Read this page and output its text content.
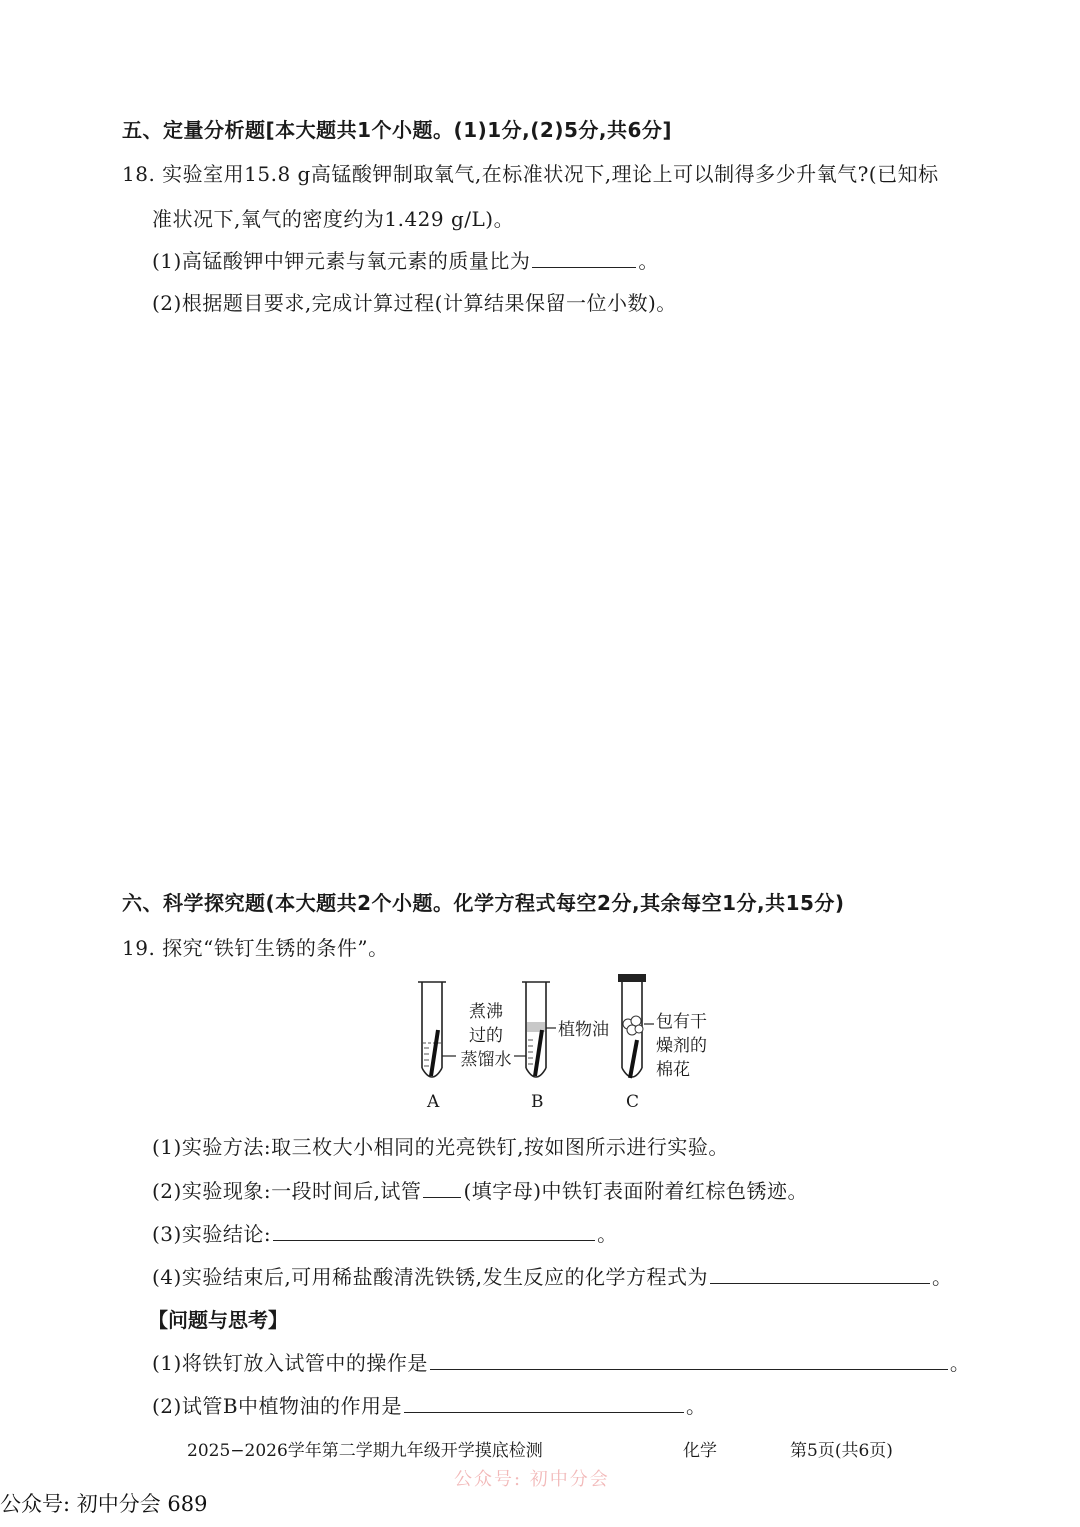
五、定量分析题[本大题共1个小题。(1)1分,(2)5分,共6分]
18. 实验室用15.8 g高锰酸钾制取氧气,在标准状况下,理论上可以制得多少升氧气?(已知标
准状况下,氧气的密度约为1.429 g/L)。
(1)高锰酸钾中钾元素与氧元素的质量比为	。
(2)根据题目要求,完成计算过程(计算结果保留一位小数)。
六、科学探究题(本大题共2个小题。化学方程式每空2分,其余每空1分,共15分)
19. 探究“铁钉生锈的条件”。
煮沸
过的
蒸馏水
植物油	包有干
燥剂的
棉花
A	B	C
(1)实验方法:取三枚大小相同的光亮铁钉,按如图所示进行实验。
(2)实验现象:一段时间后,试管 (填字母)中铁钉表面附着红棕色锈迹。
(3)实验结论:	。
(4)实验结束后,可用稀盐酸清洗铁锈,发生反应的化学方程式为	。
【问题与思考】
(1)将铁钉放入试管中的操作是	。
(2)试管B中植物油的作用是	。
2025−2026学年第二学期九年级开学摸底检测	化学	第5页(共6页)
公众号: 初中分会
公众号: 初中分会 689
